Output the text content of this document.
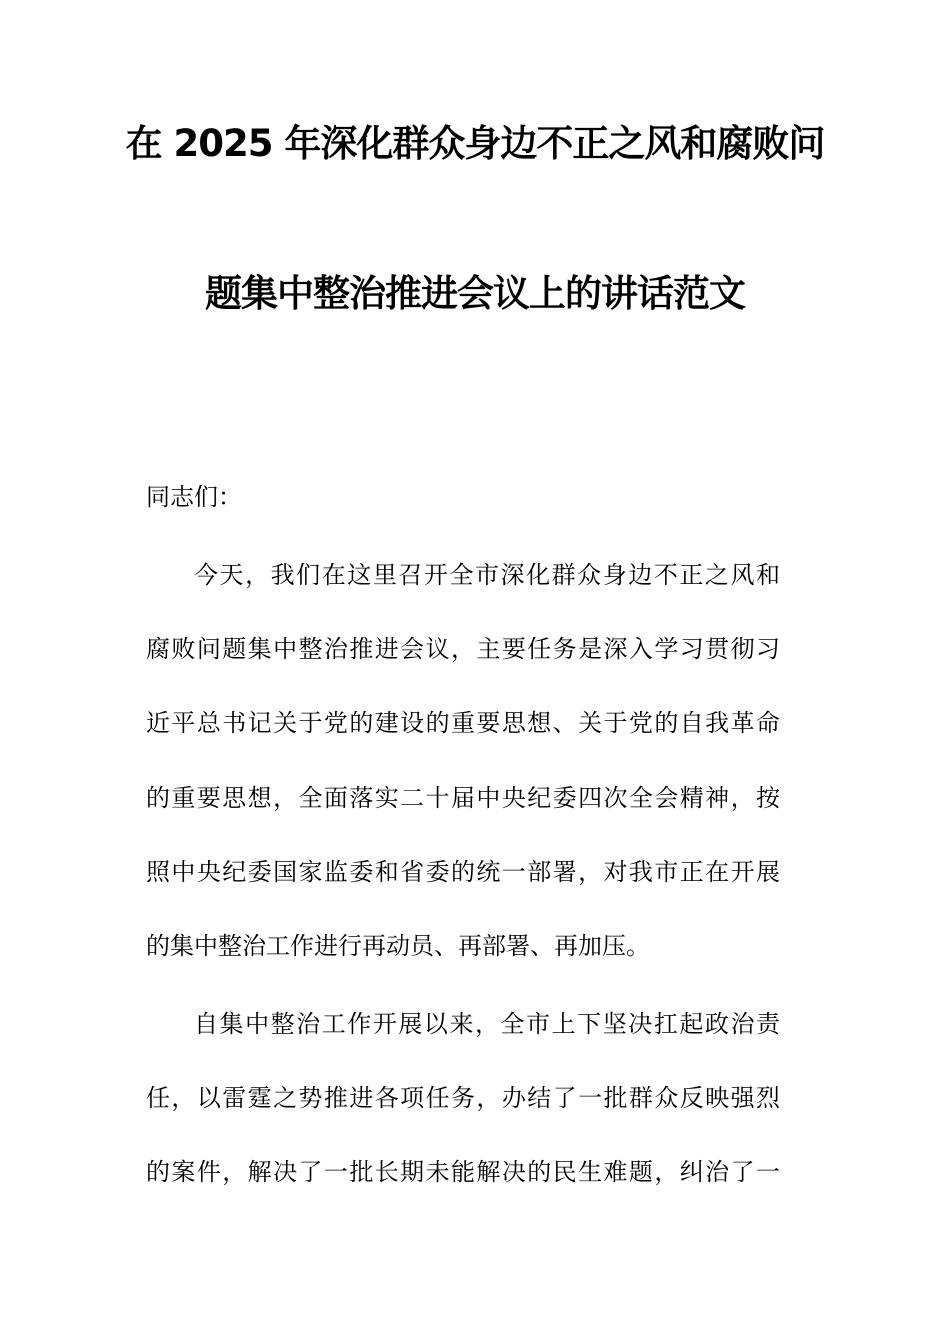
在 2025 年深化群众身边不正之风和腐败问
题集中整治推进会议上的讲话范文
同志们：
今天，我们在这里召开全市深化群众身边不正之风和
腐败问题集中整治推进会议，主要任务是深入学习贯彻习
近平总书记关于党的建设的重要思想、关于党的自我革命
的重要思想，全面落实二十届中央纪委四次全会精神，按
照中央纪委国家监委和省委的统一部署，对我市正在开展
的集中整治工作进行再动员、再部署、再加压。
自集中整治工作开展以来，全市上下坚决扛起政治责
任，以雷霆之势推进各项任务，办结了一批群众反映强烈
的案件，解决了一批长期未能解决的民生难题，纠治了一
